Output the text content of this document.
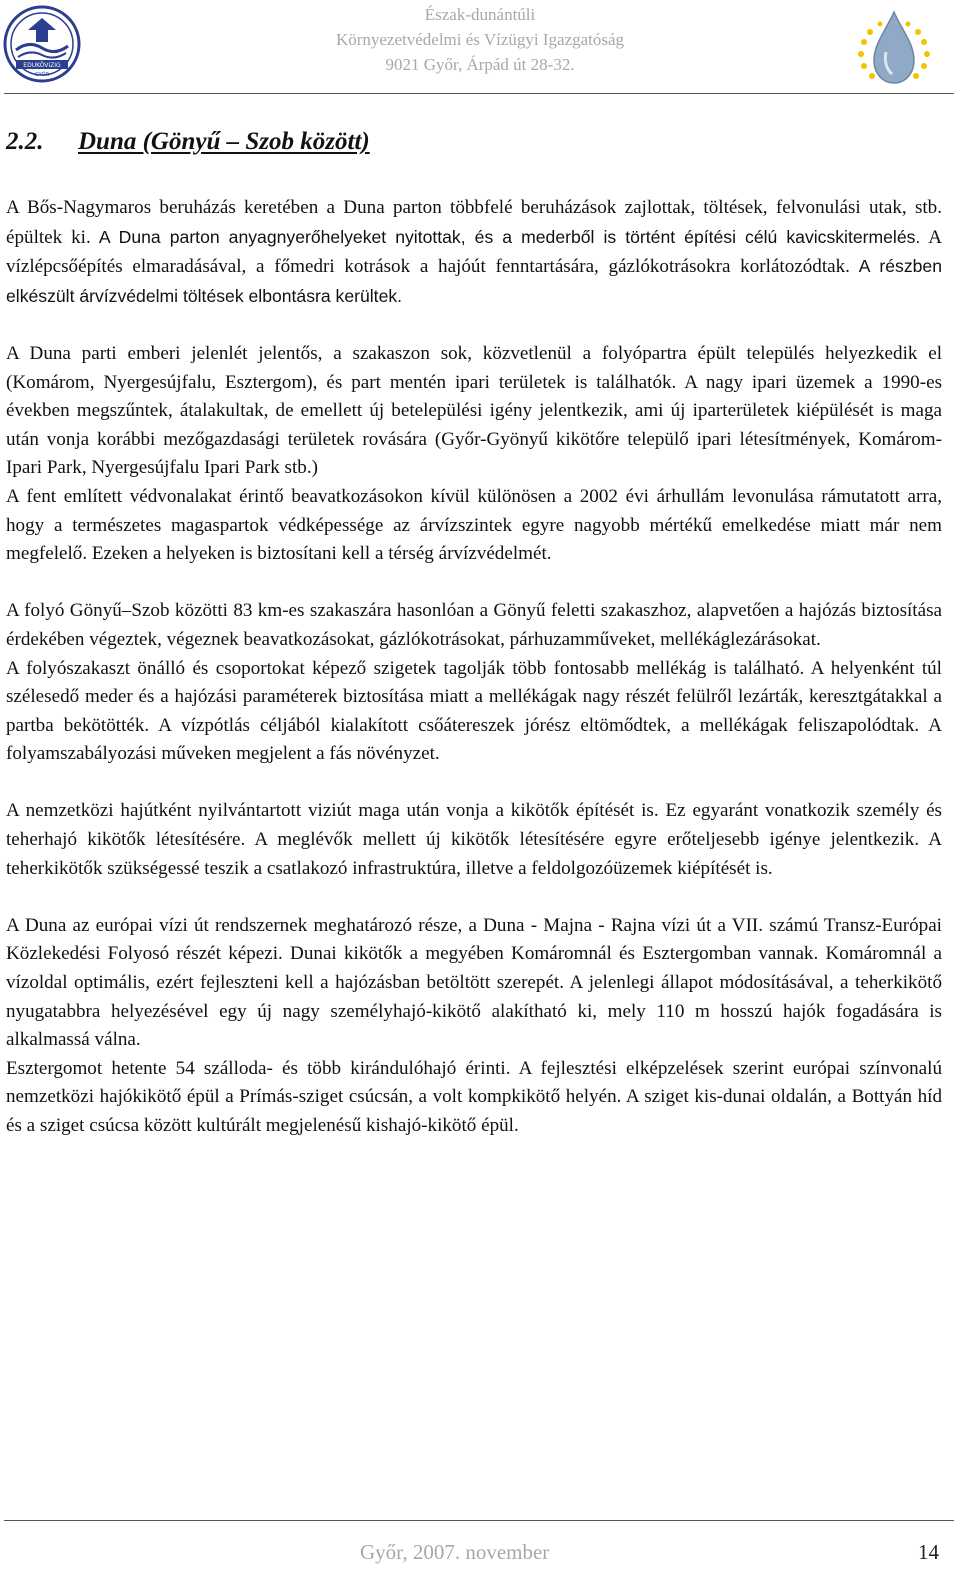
EDUKÖVIZIG
GYŐR
Észak-dunántúli
Környezetvédelmi és Vízügyi Igazgatóság
9021 Győr, Árpád út 28-32.
2.2. Duna (Gönyű – Szob között)

A Bős-Nagymaros beruházás keretében a Duna parton többfelé beruházások zajlottak, töltések, felvonulási utak, stb. épültek ki. A Duna parton anyagnyerőhelyeket nyitottak, és a mederből is történt építési célú kavicskitermelés. A vízlépcsőépítés elmaradásával, a főmedri kotrások a hajóút fenntartására, gázlókotrásokra korlátozódtak. A részben elkészült árvízvédelmi töltések elbontásra kerültek.

A Duna parti emberi jelenlét jelentős, a szakaszon sok, közvetlenül a folyópartra épült település helyezkedik el (Komárom, Nyergesújfalu, Esztergom), és part mentén ipari területek is találhatók. A nagy ipari üzemek a 1990-es években megszűntek, átalakultak, de emellett új betelepülési igény jelentkezik, ami új iparterületek kiépülését is maga után vonja korábbi mezőgazdasági területek rovására (Győr-Gyönyű kikötőre települő ipari létesítmények, Komárom-Ipari Park, Nyergesújfalu Ipari Park stb.)

A fent említett védvonalakat érintő beavatkozásokon kívül különösen a 2002 évi árhullám levonulása rámutatott arra, hogy a természetes magaspartok védképessége az árvízszintek egyre nagyobb mértékű emelkedése miatt már nem megfelelő. Ezeken a helyeken is biztosítani kell a térség árvízvédelmét.

A folyó Gönyű–Szob közötti 83 km-es szakaszára hasonlóan a Gönyű feletti szakaszhoz, alapvetően a hajózás biztosítása érdekében végeztek, végeznek beavatkozásokat, gázlókotrásokat, párhuzamműveket, mellékáglezárásokat.

A folyószakaszt önálló és csoportokat képező szigetek tagolják több fontosabb mellékág is található. A helyenként túl szélesedő meder és a hajózási paraméterek biztosítása miatt a mellékágak nagy részét felülről lezárták, keresztgátakkal a partba bekötötték. A vízpótlás céljából kialakított csőátereszek jórész eltömődtek, a mellékágak feliszapolódtak. A folyamszabályozási műveken megjelent a fás növényzet.

A nemzetközi hajútként nyilvántartott viziút maga után vonja a kikötők építését is. Ez egyaránt vonatkozik személy és teherhajó kikötők létesítésére. A meglévők mellett új kikötők létesítésére egyre erőteljesebb igénye jelentkezik. A teherkikötők szükségessé teszik a csatlakozó infrastruktúra, illetve a feldolgozóüzemek kiépítését is.

A Duna az európai vízi út rendszernek meghatározó része, a Duna - Majna - Rajna vízi út a VII. számú Transz-Európai Közlekedési Folyosó részét képezi. Dunai kikötők a megyében Komáromnál és Esztergomban vannak. Komáromnál a vízoldal optimális, ezért fejleszteni kell a hajózásban betöltött szerepét. A jelenlegi állapot módosításával, a teherkikötő nyugatabbra helyezésével egy új nagy személyhajó-kikötő alakítható ki, mely 110 m hosszú hajók fogadására is alkalmassá válna.

Esztergomot hetente 54 szálloda- és több kirándulóhajó érinti. A fejlesztési elképzelések szerint európai színvonalú nemzetközi hajókikötő épül a Prímás-sziget csúcsán, a volt kompkikötő helyén. A sziget kis-dunai oldalán, a Bottyán híd és a sziget csúcsa között kultúrált megjelenésű kishajó-kikötő épül.

Győr, 2007. november	14
